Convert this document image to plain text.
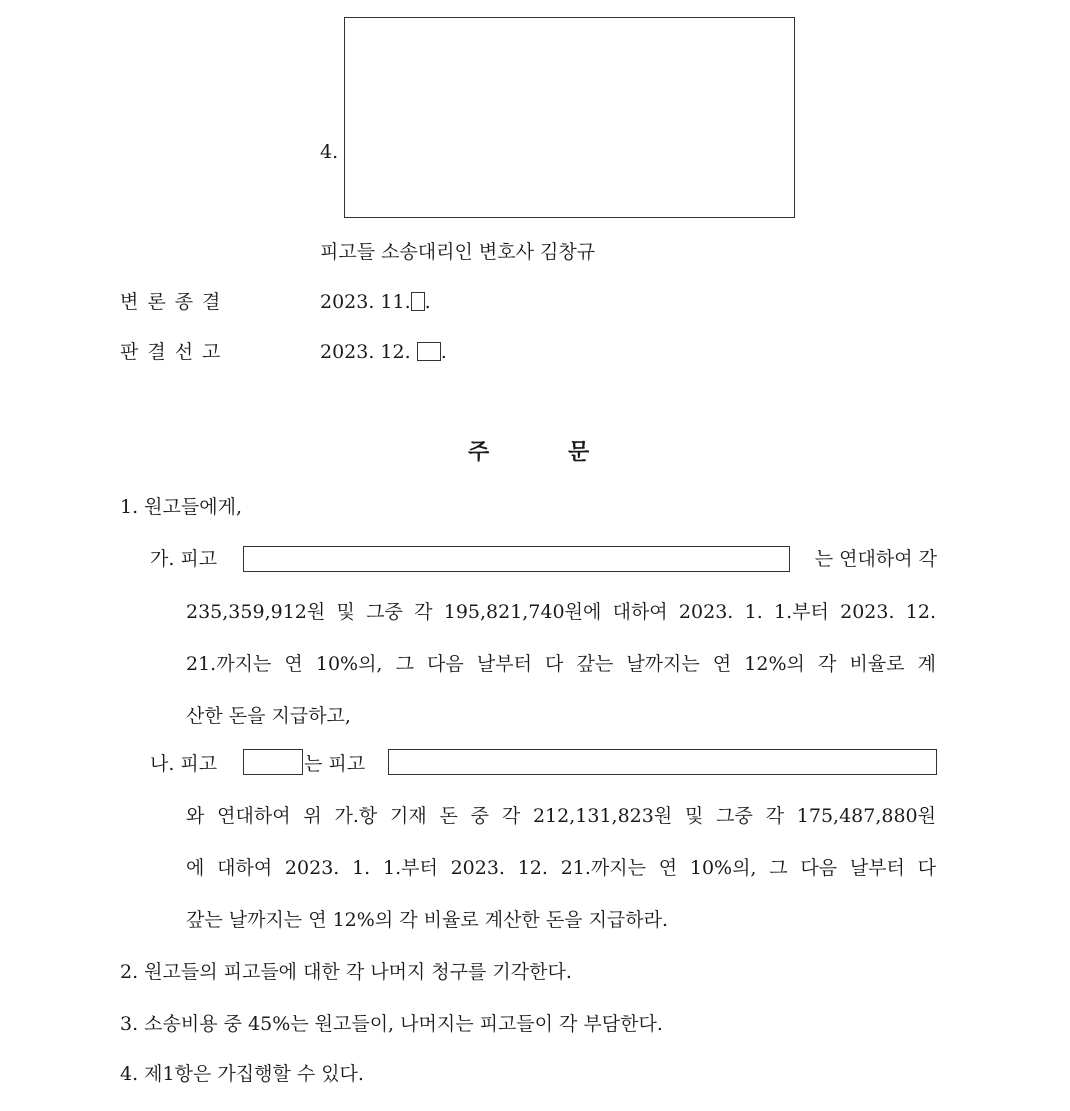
4.
피고들 소송대리인 변호사 김창규
변론종결	2023. 11. .
판결선고	2023. 12. .
주	문
1. 원고들에게,
가. 피고	는 연대하여 각
235,359,912원 및 그중 각 195,821,740원에 대하여 2023. 1. 1.부터 2023. 12.
21.까지는 연 10%의, 그 다음 날부터 다 갚는 날까지는 연 12%의 각 비율로 계
산한 돈을 지급하고,
나. 피고	는 피고
와 연대하여 위 가.항 기재 돈 중 각 212,131,823원 및 그중 각 175,487,880원
에 대하여 2023. 1. 1.부터 2023. 12. 21.까지는 연 10%의, 그 다음 날부터 다
갚는 날까지는 연 12%의 각 비율로 계산한 돈을 지급하라.
2. 원고들의 피고들에 대한 각 나머지 청구를 기각한다.
3. 소송비용 중 45%는 원고들이, 나머지는 피고들이 각 부담한다.
4. 제1항은 가집행할 수 있다.
